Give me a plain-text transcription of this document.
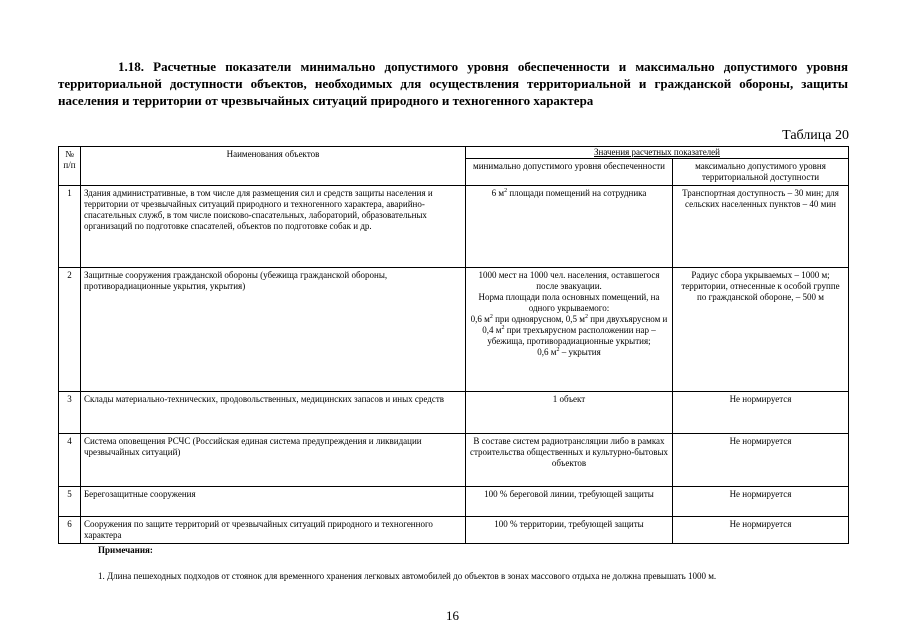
1.18. Расчетные показатели минимально допустимого уровня обеспеченности и максимально допустимого уровня территориальной доступности объектов, необходимых для осуществления территориальной и гражданской обороны, защиты населения и территории от чрезвычайных ситуаций природного и техногенного характера
Таблица 20
№ п/п	Наименования объектов	Значения расчетных показателей	
		минимально допустимого уровня обеспеченности	максимально допустимого уровня территориальной доступности
1	Здания административные, в том числе для размещения сил и средств защиты населения и территории от чрезвычайных ситуаций природного и техногенного характера, аварийно-спасательных служб, в том числе поисково-спасательных, лабораторий, образовательных организаций по подготовке спасателей, объектов по подготовке собак и др.	6 $м^2$ площади помещений на сотрудника	Транспортная доступность – 30 мин; для сельских населенных пунктов – 40 мин
2	Защитные сооружения гражданской обороны (убежища гражданской обороны, противорадиационные укрытия, укрытия)	1000 мест на 1000 чел. населения, оставшегося после эвакуации.
Норма площади пола основных помещений, на одного укрываемого:
0,6 $м^2$ при одноярусном, 0,5 $м^2$ при двухъярусном и 0,4 $м^2$ при трехъярусном расположении нар – убежища, противорадиационные укрытия;
0,6 $м^2$ – укрытия	Радиус сбора укрываемых – 1000 м; территории, отнесенные к особой группе по гражданской обороне, – 500 м
3	Склады материально-технических, продовольственных, медицинских запасов и иных средств	1 объект	Не нормируется
4	Система оповещения РСЧС (Российская единая система предупреждения и ликвидации чрезвычайных ситуаций)	В составе систем радиотрансляции либо в рамках строительства общественных и культурно-бытовых объектов	Не нормируется
5	Берегозащитные сооружения	100 % береговой линии, требующей защиты	Не нормируется
6	Сооружения по защите территорий от чрезвычайных ситуаций природного и техногенного характера	100 % территории, требующей защиты	Не нормируется
Примечания:
1. Длина пешеходных подходов от стоянок для временного хранения легковых автомобилей до объектов в зонах массового отдыха не должна превышать 1000 м.
16
